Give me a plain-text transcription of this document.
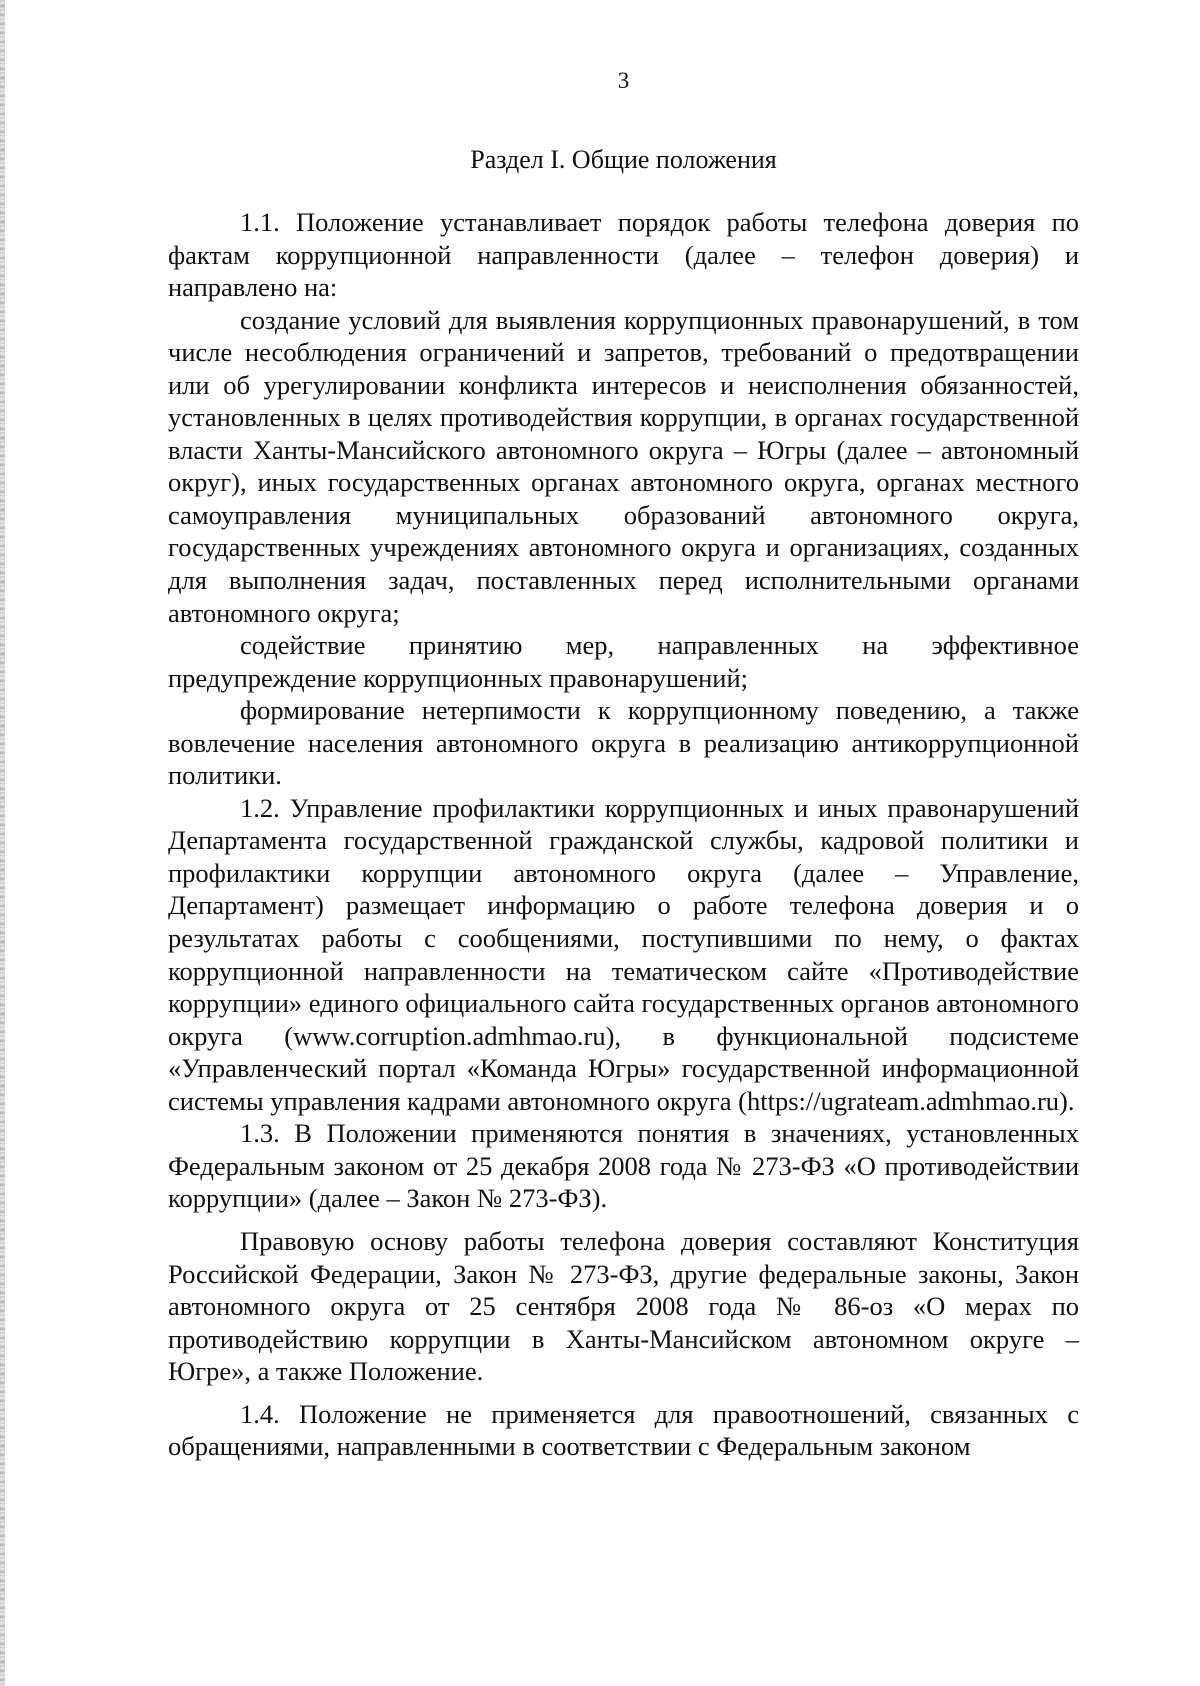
3
Раздел I. Общие положения

1.1. Положение устанавливает порядок работы телефона доверия по фактам коррупционной направленности (далее – телефон доверия) и направлено на:

создание условий для выявления коррупционных правонарушений, в том числе несоблюдения ограничений и запретов, требований о предотвращении или об урегулировании конфликта интересов и неисполнения обязанностей, установленных в целях противодействия коррупции, в органах государственной власти Ханты-Мансийского автономного округа – Югры (далее – автономный округ), иных государственных органах автономного округа, органах местного самоуправления муниципальных образований автономного округа, государственных учреждениях автономного округа и организациях, созданных для выполнения задач, поставленных перед исполнительными органами автономного округа;

содействие принятию мер, направленных на эффективное предупреждение коррупционных правонарушений;

формирование нетерпимости к коррупционному поведению, а также вовлечение населения автономного округа в реализацию антикоррупционной политики.

1.2. Управление профилактики коррупционных и иных правонарушений Департамента государственной гражданской службы, кадровой политики и профилактики коррупции автономного округа (далее – Управление, Департамент) размещает информацию о работе телефона доверия и о результатах работы с сообщениями, поступившими по нему, о фактах коррупционной направленности на тематическом сайте «Противодействие коррупции» единого официального сайта государственных органов автономного округа (www.corruption.admhmao.ru), в функциональной подсистеме «Управленческий портал «Команда Югры» государственной информационной системы управления кадрами автономного округа (https://ugrateam.admhmao.ru).

1.3. В Положении применяются понятия в значениях, установленных Федеральным законом от 25 декабря 2008 года № 273-ФЗ «О противодействии коррупции» (далее – Закон № 273-ФЗ).

Правовую основу работы телефона доверия составляют Конституция Российской Федерации, Закон № 273-ФЗ, другие федеральные законы, Закон автономного округа от 25 сентября 2008 года № 86-оз «О мерах по противодействию коррупции в Ханты-Мансийском автономном округе – Югре», а также Положение.

1.4. Положение не применяется для правоотношений, связанных с обращениями, направленными в соответствии с Федеральным законом
